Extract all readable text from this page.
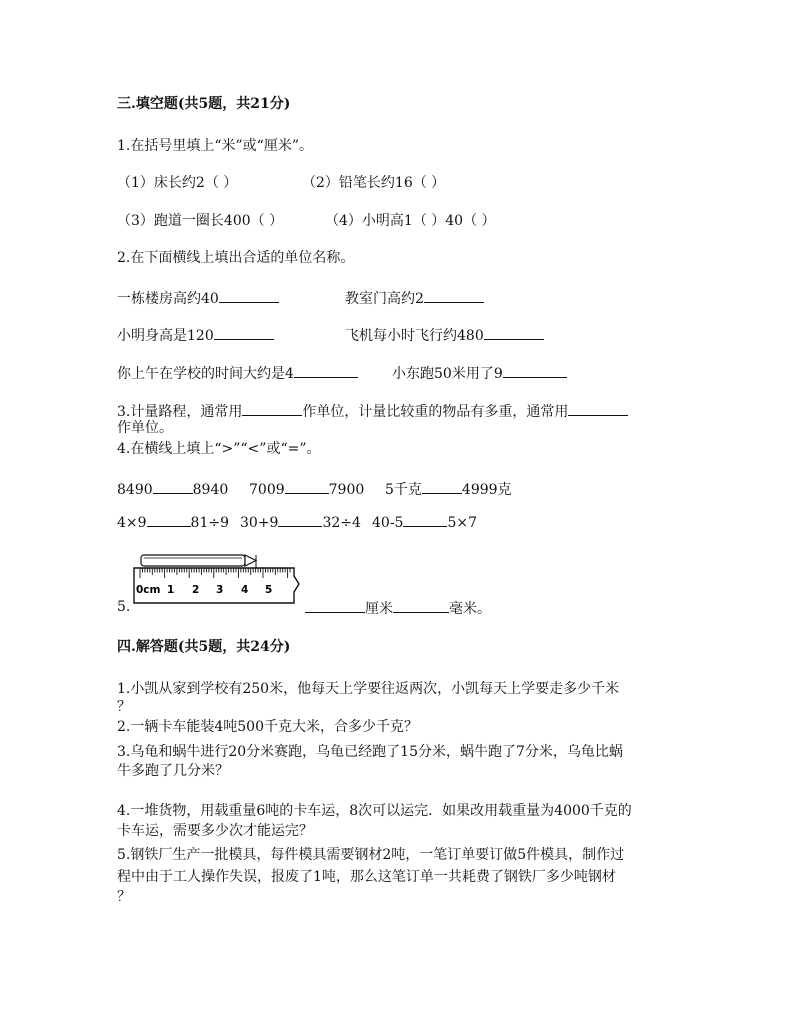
三.填空题(共5题，共21分)
1.在括号里填上“米”或“厘米”。
（1）床长约2（ ）	（2）铅笔长约16（ ）
（3）跑道一圈长400（ ）	（4）小明高1（ ）40（ ）
2.在下面横线上填出合适的单位名称。
一栋楼房高约40	教室门高约2
小明身高是120	飞机每小时飞行约480
你上午在学校的时间大约是4	小东跑50米用了9
3.计量路程，通常用	作单位，计量比较重的物品有多重，通常用
作单位。
4.在横线上填上“>”“<”或“=”。
8490	8940 7009	7900 5千克	4999克
4×9	81÷9 30+9	32÷4 40-5	5×7
5.
0cm 1 2 3 4 5
厘米	毫米。
四.解答题(共5题，共24分)
1.小凯从家到学校有250米，他每天上学要往返两次，小凯每天上学要走多少千米
？
2.一辆卡车能装4吨500千克大米，合多少千克？
3.乌龟和蜗牛进行20分米赛跑，乌龟已经跑了15分米，蜗牛跑了7分米，乌龟比蜗
牛多跑了几分米？
4.一堆货物，用载重量6吨的卡车运，8次可以运完．如果改用载重量为4000千克的
卡车运，需要多少次才能运完？
5.钢铁厂生产一批模具，每件模具需要钢材2吨，一笔订单要订做5件模具，制作过
程中由于工人操作失误，报废了1吨，那么这笔订单一共耗费了钢铁厂多少吨钢材
？
